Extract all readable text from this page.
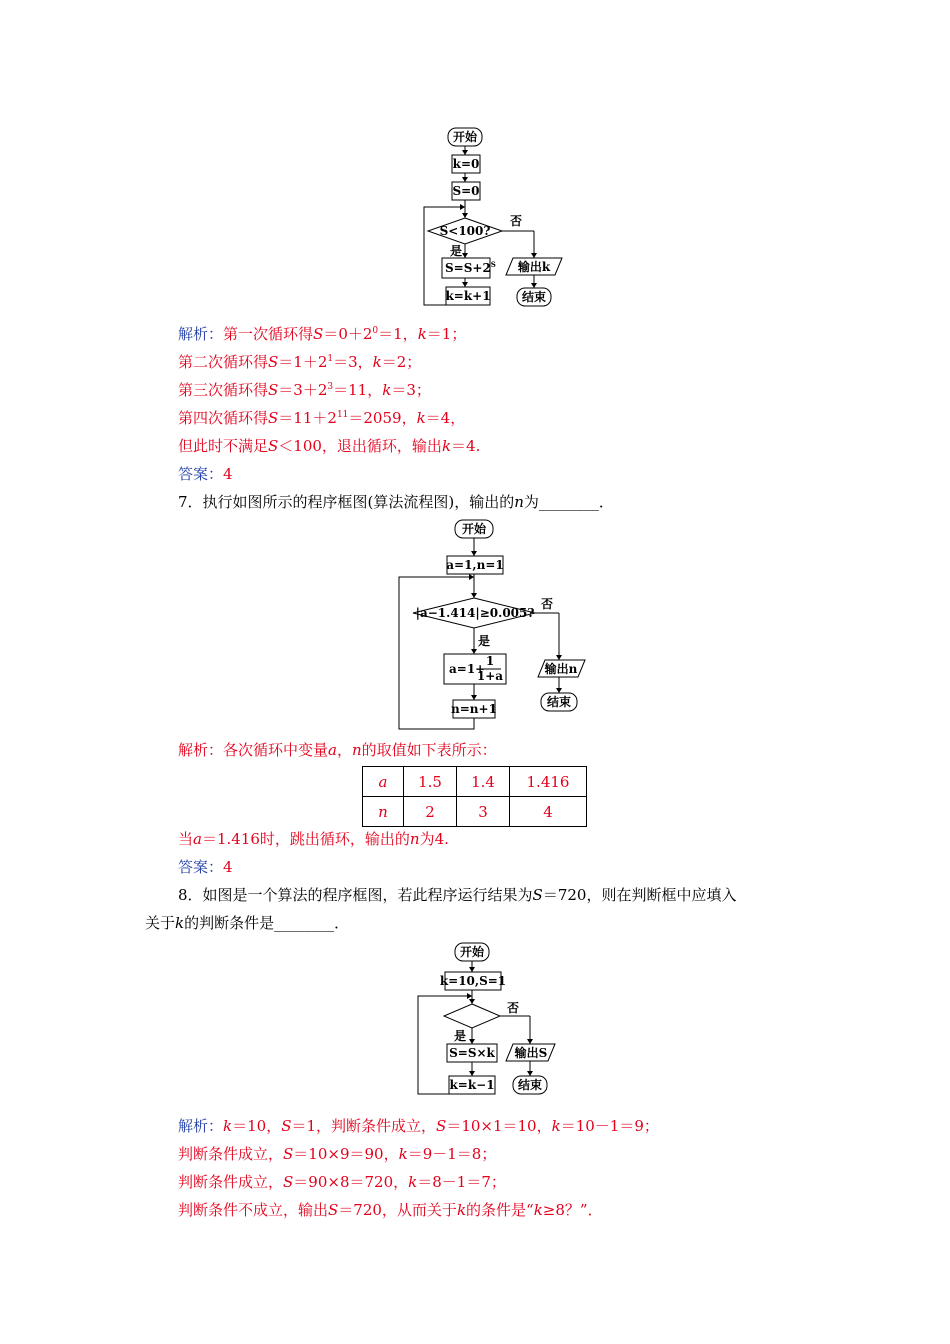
开始
k=0
S=0
S<100?
否
是
$S=S+2^S$
k=k+1
输出k
结束
解析：第一次循环得$S=0+2^0=1$，k＝1；
第二次循环得$S=1+2^1=3$，k＝2；
第三次循环得$S=3+2^3=11$，k＝3；
第四次循环得$S=11+2^{11}=2059$，k＝4，
但此时不满足S＜100，退出循环，输出k＝4.
答案：4
7．执行如图所示的程序框图(算法流程图)，输出的n为________．
开始
a=1,n=1
|a−1.414|≥0.005?
否
是
a=1+
1
1+a
n=n+1
输出n
结束
解析：各次循环中变量a，n的取值如下表所示：
a	1.5	1.4	1.416
n	2	3	4
当a＝1.416时，跳出循环，输出的n为4.
答案：4
8．如图是一个算法的程序框图，若此程序运行结果为S＝720，则在判断框中应填入
关于k的判断条件是________．
开始
k=10,S=1
否
是
S=S×k
k=k−1
输出S
结束
解析：k＝10，S＝1，判断条件成立，S＝10×1＝10，k＝10－1＝9；
判断条件成立，S＝10×9＝90，k＝9－1＝8；
判断条件成立，S＝90×8＝720，k＝8－1＝7；
判断条件不成立，输出S＝720，从而关于k的条件是“k≥8？”．
